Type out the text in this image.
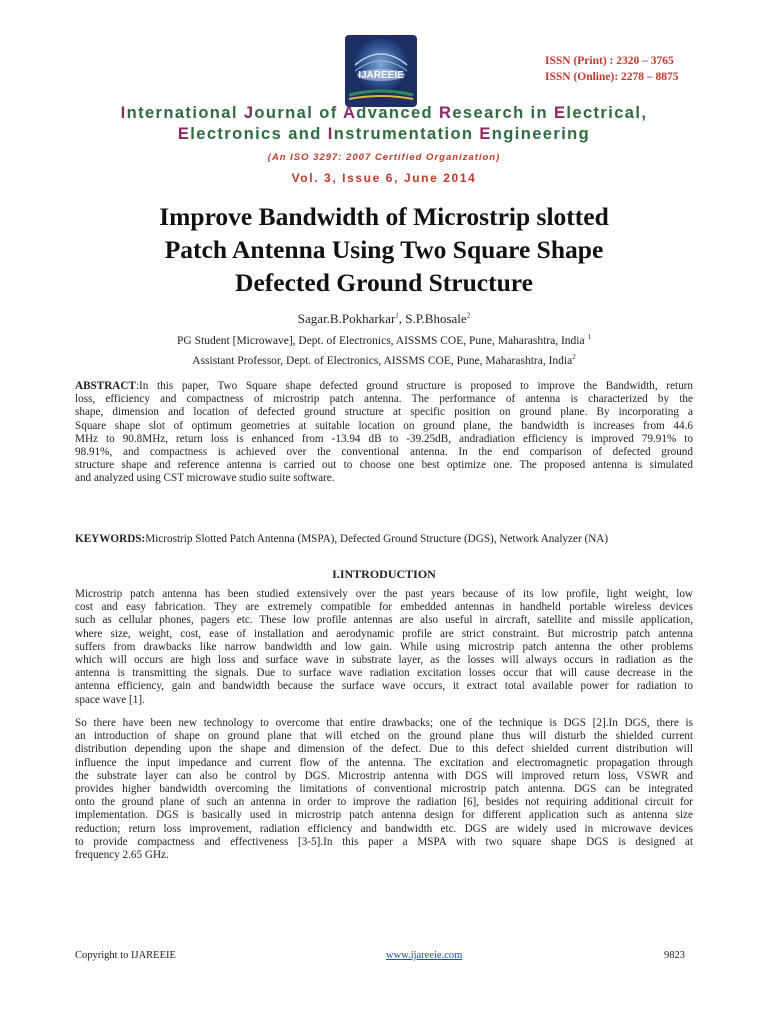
IJAREEIE
ISSN (Print) : 2320 – 3765
ISSN (Online): 2278 – 8875
International Journal of Advanced Research in Electrical,
Electronics and Instrumentation Engineering
(An ISO 3297: 2007 Certified Organization)
Vol. 3, Issue 6, June 2014
Improve Bandwidth of Microstrip slotted
Patch Antenna Using Two Square Shape
Defected Ground Structure
Sagar.B.Pokharkar$^1$, S.P.Bhosale$^2$
PG Student [Microwave], Dept. of Electronics, AISSMS COE, Pune, Maharashtra, India $^1$
Assistant Professor, Dept. of Electronics, AISSMS COE, Pune, Maharashtra, India$^2$
ABSTRACT:In this paper, Two Square shape defected ground structure is proposed to improve the Bandwidth, return
loss, efficiency and compactness of microstrip patch antenna. The performance of antenna is characterized by the
shape, dimension and location of defected ground structure at specific position on ground plane. By incorporating a
Square shape slot of optimum geometries at suitable location on ground plane, the bandwidth is increases from 44.6
MHz to 90.8MHz, return loss is enhanced from -13.94 dB to -39.25dB, andradiation efficiency is improved 79.91% to
98.91%, and compactness is achieved over the conventional antenna. In the end comparison of defected ground
structure shape and reference antenna is carried out to choose one best optimize one. The proposed antenna is simulated
and analyzed using CST microwave studio suite software.
KEYWORDS:Microstrip Slotted Patch Antenna (MSPA), Defected Ground Structure (DGS), Network Analyzer (NA)
I.INTRODUCTION
Microstrip patch antenna has been studied extensively over the past years because of its low profile, light weight, low
cost and easy fabrication. They are extremely compatible for embedded antennas in handheld portable wireless devices
such as cellular phones, pagers etc. These low profile antennas are also useful in aircraft, satellite and missile application,
where size, weight, cost, ease of installation and aerodynamic profile are strict constraint. But microstrip patch antenna
suffers from drawbacks like narrow bandwidth and low gain. While using microstrip patch antenna the other problems
which will occurs are high loss and surface wave in substrate layer, as the losses will always occurs in radiation as the
antenna is transmitting the signals. Due to surface wave radiation excitation losses occur that will cause decrease in the
antenna efficiency, gain and bandwidth because the surface wave occurs, it extract total available power for radiation to
space wave [1].
So there have been new technology to overcome that entire drawbacks; one of the technique is DGS [2].In DGS, there is
an introduction of shape on ground plane that will etched on the ground plane thus will disturb the shielded current
distribution depending upon the shape and dimension of the defect. Due to this defect shielded current distribution will
influence the input impedance and current flow of the antenna. The excitation and electromagnetic propagation through
the substrate layer can also be control by DGS. Microstrip antenna with DGS will improved return loss, VSWR and
provides higher bandwidth overcoming the limitations of conventional microstrip patch antenna. DGS can be integrated
onto the ground plane of such an antenna in order to improve the radiation [6], besides not requiring additional circuit for
implementation. DGS is basically used in microstrip patch antenna design for different application such as antenna size
reduction; return loss improvement, radiation efficiency and bandwidth etc. DGS are widely used in microwave devices
to provide compactness and effectiveness [3-5].In this paper a MSPA with two square shape DGS is designed at
frequency 2.65 GHz.
Copyright to IJAREEIE	www.ijareeie.com	9823
